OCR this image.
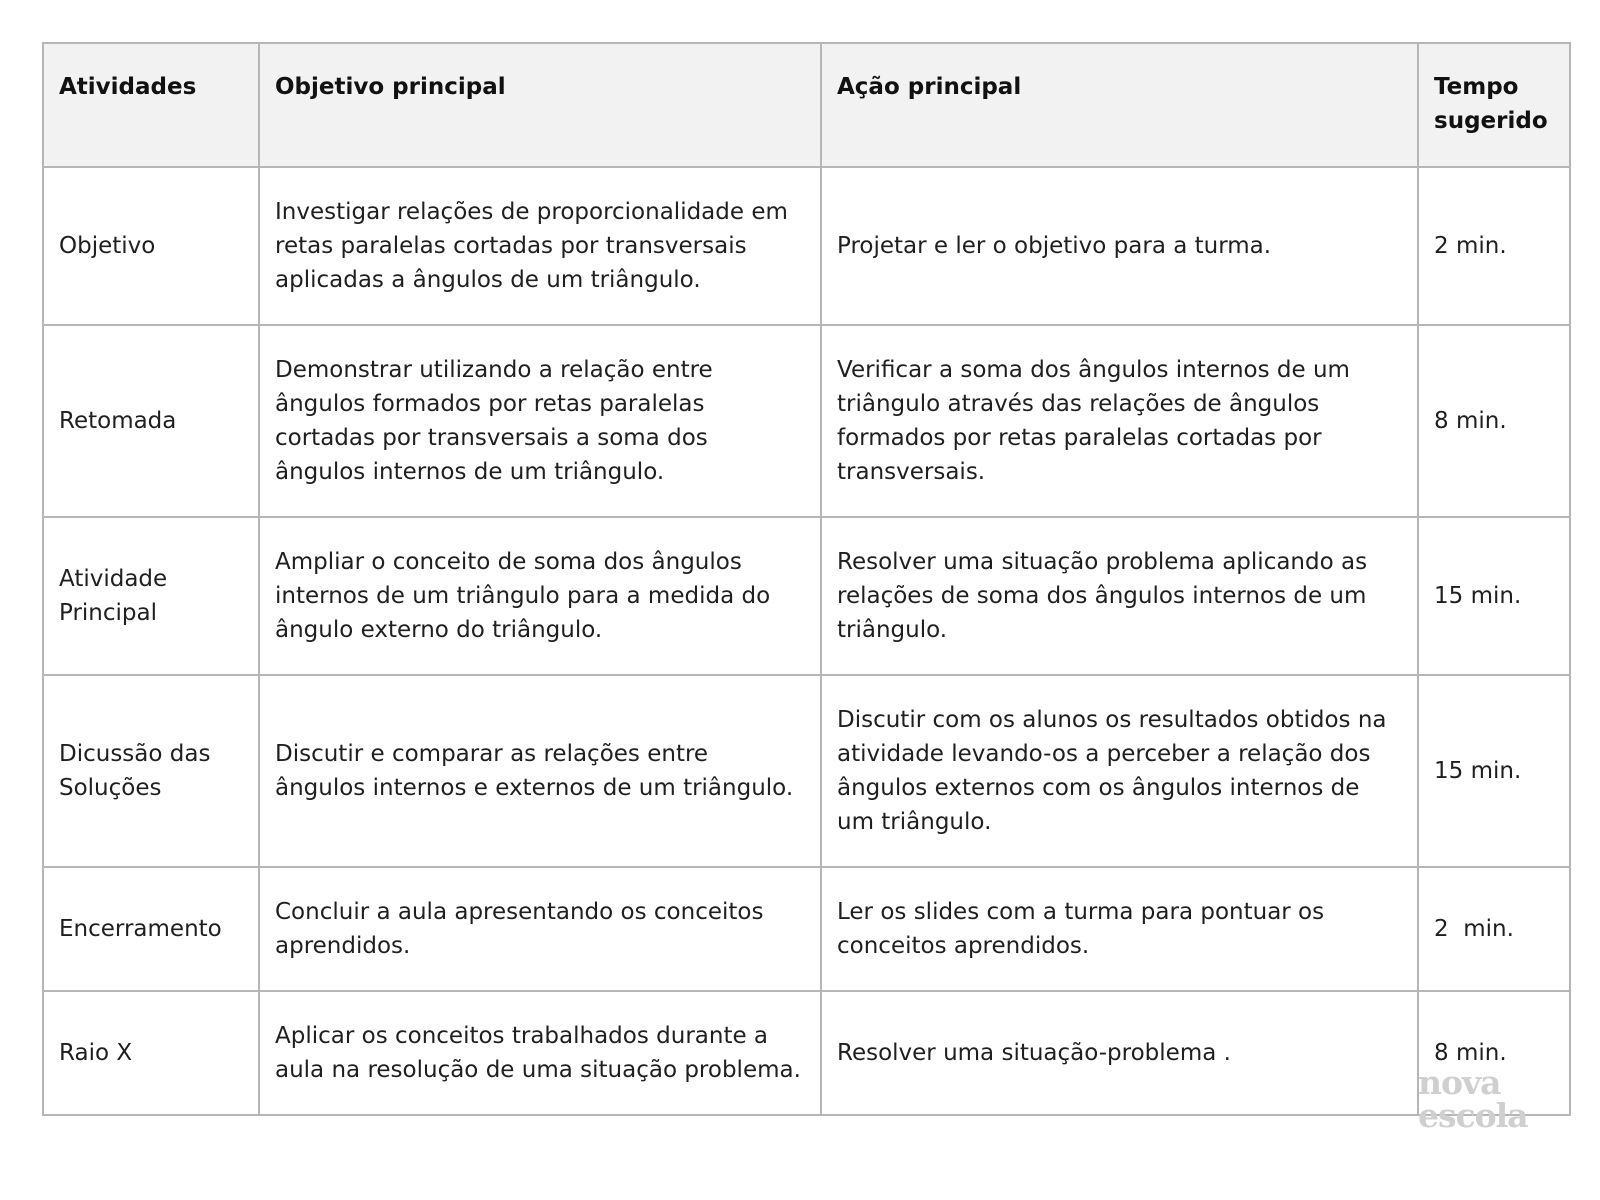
Atividades	Objetivo principal	Ação principal	Tempo sugerido
Objetivo	Investigar relações de proporcionalidade em retas paralelas cortadas por transversais aplicadas a ângulos de um triângulo.	Projetar e ler o objetivo para a turma.	2 min.
Retomada	Demonstrar utilizando a relação entre ângulos formados por retas paralelas cortadas por transversais a soma dos ângulos internos de um triângulo.	Verificar a soma dos ângulos internos de um triângulo através das relações de ângulos formados por retas paralelas cortadas por transversais.	8 min.
Atividade Principal	Ampliar o conceito de soma dos ângulos internos de um triângulo para a medida do ângulo externo do triângulo.	Resolver uma situação problema aplicando as relações de soma dos ângulos internos de um triângulo.	15 min.
Dicussão das Soluções	Discutir e comparar as relações entre ângulos internos e externos de um triângulo.	Discutir com os alunos os resultados obtidos na atividade levando-os a perceber a relação dos ângulos externos com os ângulos internos de um triângulo.	15 min.
Encerramento	Concluir a aula apresentando os conceitos aprendidos.	Ler os slides com a turma para pontuar os conceitos aprendidos.	2  min.
Raio X	Aplicar os conceitos trabalhados durante a aula na resolução de uma situação problema.	Resolver uma situação-problema .	8 min.
nova
escola
